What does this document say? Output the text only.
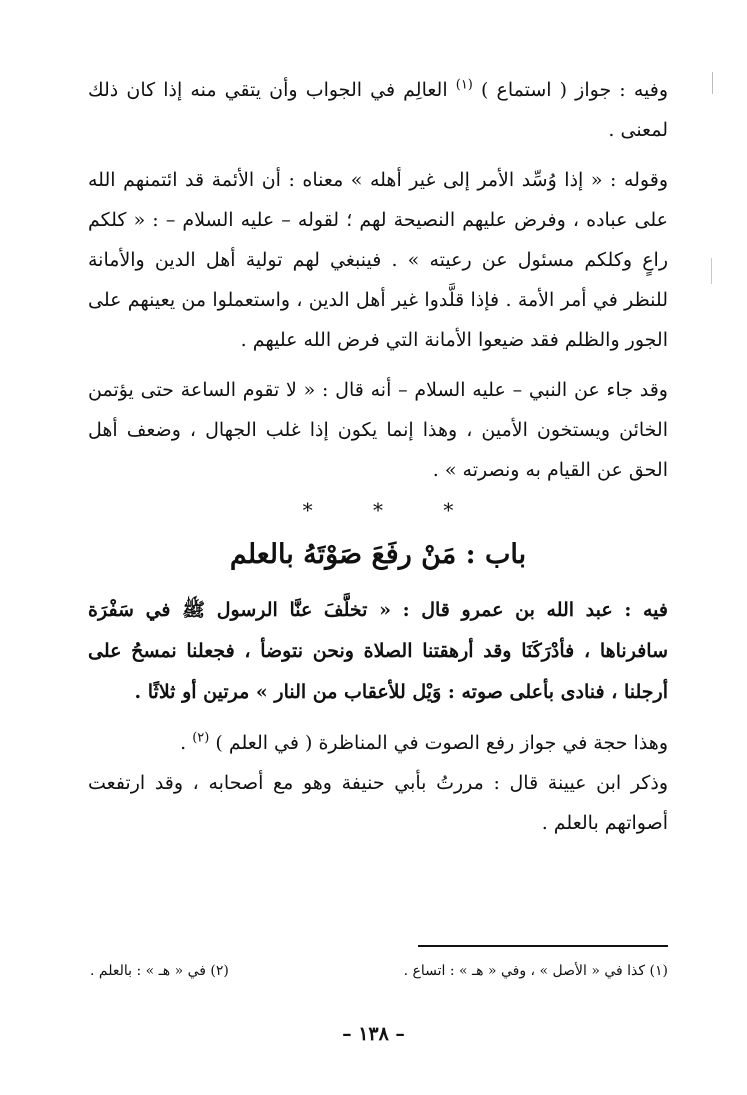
وفيه : جواز ( استماع ) $^{(١)}$ العالِم في الجواب وأن يتقي منه إذا كان ذلك لمعنى .

وقوله : « إذا وُسِّد الأمر إلى غير أهله » معناه : أن الأئمة قد ائتمنهم الله على عباده ، وفرض عليهم النصيحة لهم ؛ لقوله – عليه السلام – : « كلكم راعٍ وكلكم مسئول عن رعيته » . فينبغي لهم تولية أهل الدين والأمانة للنظر في أمر الأمة . فإذا قلَّدوا غير أهل الدين ، واستعملوا من يعينهم على الجور والظلم فقد ضيعوا الأمانة التي فرض الله عليهم .

وقد جاء عن النبي – عليه السلام – أنه قال : « لا تقوم الساعة حتى يؤتمن الخائن ويستخون الأمين ، وهذا إنما يكون إذا غلب الجهال ، وضعف أهل الحق عن القيام به ونصرته » .

*	*	*
باب : مَنْ رفَعَ صَوْتَهُ بالعلم

فيه : عبد الله بن عمرو قال : « تخلَّفَ عنَّا الرسول ﷺ في سَفْرَة سافرناها ، فأدْرَكَنَا وقد أرهقتنا الصلاة ونحن نتوضأ ، فجعلنا نمسحُ على أرجلنا ، فنادى بأعلى صوته : وَيْل للأعقاب من النار » مرتين أو ثلاثًا .

وهذا حجة في جواز رفع الصوت في المناظرة ( في العلم ) $^{(٢)}$ .

وذكر ابن عيينة قال : مررتُ بأبي حنيفة وهو مع أصحابه ، وقد ارتفعت أصواتهم بالعلم .

(١) كذا في « الأصل » ، وفي « هـ » : اتساع .
(٢) في « هـ » : بالعلم .
– ١٣٨ –
